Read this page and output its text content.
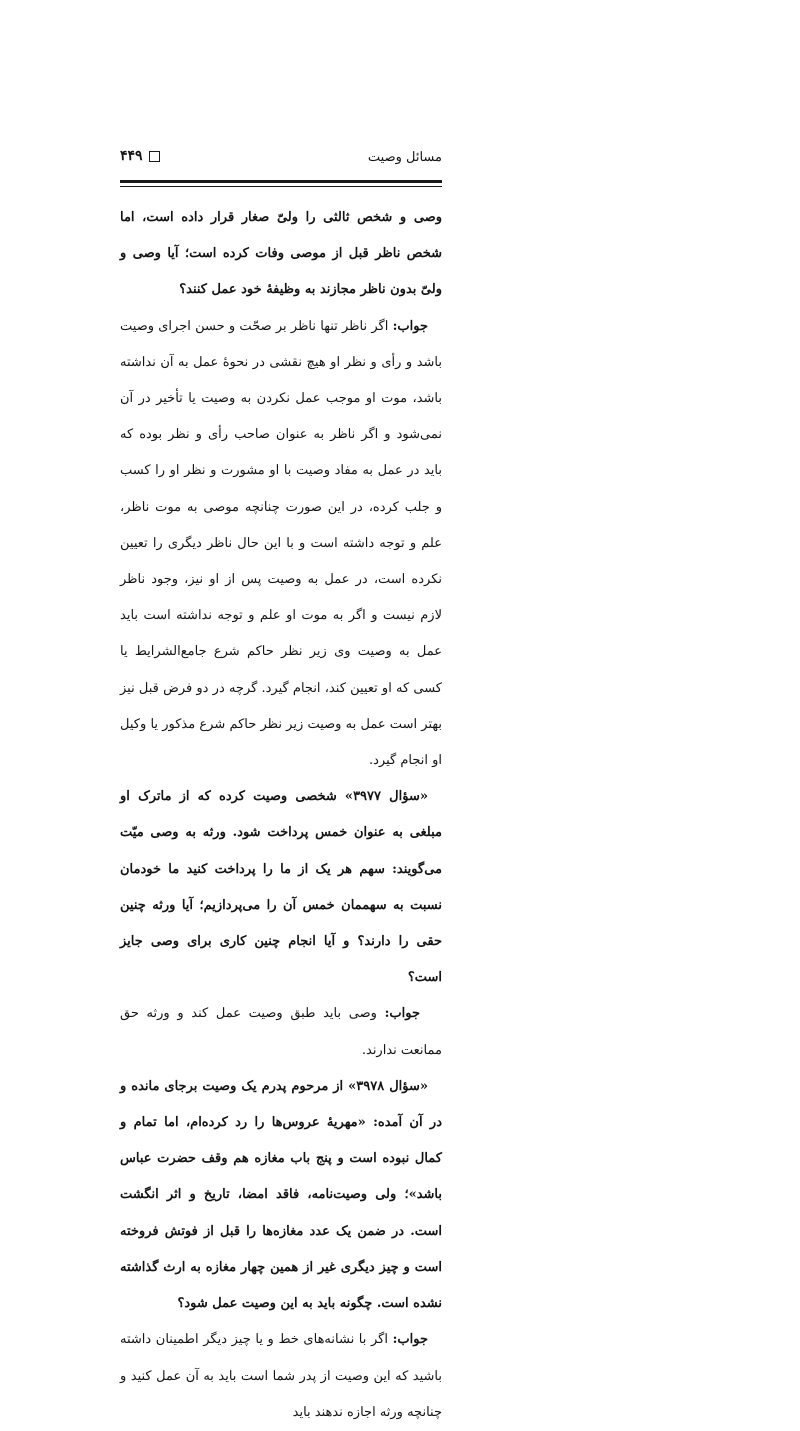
مسائل وصیت
۴۴۹

وصی و شخص ثالثی را ولیّ صغار قرار داده است، اما شخص ناظر قبل از موصی وفات کرده است؛ آیا وصی و ولیّ بدون ناظر مجازند به وظیفهٔ خود عمل کنند؟

جواب: اگر ناظر تنها ناظر بر صحّت و حسن اجرای وصیت باشد و رأی و نظر او هیچ نقشی در نحوهٔ عمل به آن نداشته باشد، موت او موجب عمل نکردن به وصیت یا تأخیر در آن نمی‌شود و اگر ناظر به عنوان صاحب رأی و نظر بوده که باید در عمل به مفاد وصیت با او مشورت و نظر او را کسب و جلب کرده، در این صورت چنانچه موصی به موت ناظر، علم و توجه داشته است و با این حال ناظر دیگری را تعیین نکرده است، در عمل به وصیت پس از او نیز، وجود ناظر لازم نیست و اگر به موت او علم و توجه نداشته است باید عمل به وصیت وی زیر نظر حاکم شرع جامع‌الشرایط یا کسی که او تعیین کند، انجام گیرد. گرچه در دو فرض قبل نیز بهتر است عمل به وصیت زیر نظر حاکم شرع مذکور یا وکیل او انجام گیرد.

«سؤال ۳۹۷۷» شخصی وصیت کرده که از ماترک او مبلغی به عنوان خمس پرداخت شود. ورثه به وصی میّت می‌گویند: سهم هر یک از ما را پرداخت کنید ما خودمان نسبت به سهممان خمس آن را می‌پردازیم؛ آیا ورثه چنین حقی را دارند؟ و آیا انجام چنین کاری برای وصی جایز است؟

جواب: وصی باید طبق وصیت عمل کند و ورثه حق ممانعت ندارند.

«سؤال ۳۹۷۸» از مرحوم پدرم یک وصیت برجای مانده و در آن آمده: «مهریهٔ عروس‌ها را رد کرده‌ام، اما تمام و کمال نبوده است و پنج باب مغازه هم وقف حضرت عباس باشد»؛ ولی وصیت‌نامه، فاقد امضا، تاریخ و اثر انگشت است. در ضمن یک عدد مغازه‌ها را قبل از فوتش فروخته است و چیز دیگری غیر از همین چهار مغازه به ارث گذاشته نشده است. چگونه باید به این وصیت عمل شود؟

جواب: اگر با نشانه‌های خط و یا چیز دیگر اطمینان داشته باشید که این وصیت از پدر شما است باید به آن عمل کنید و چنانچه ورثه اجازه ندهند باید
